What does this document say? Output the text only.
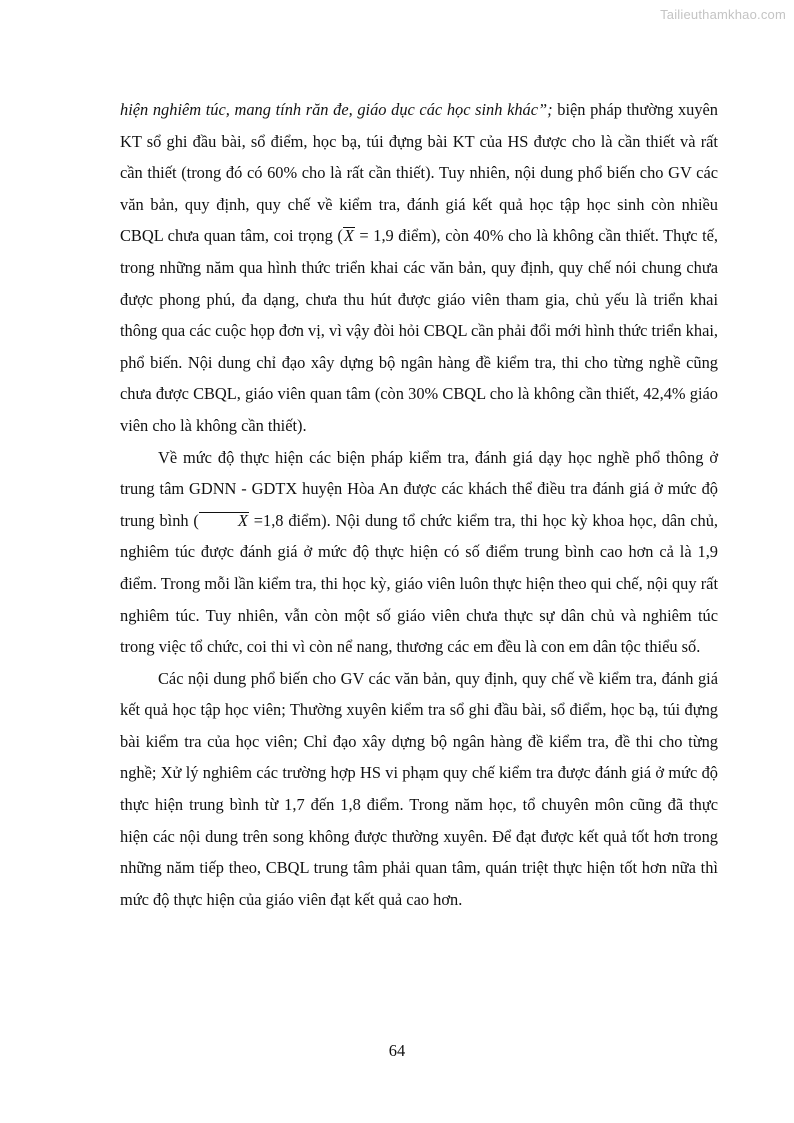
Tailieuthamkhao.com

hiện nghiêm túc, mang tính răn đe, giáo dục các học sinh khác”; biện pháp thường xuyên KT sổ ghi đầu bài, sổ điểm, học bạ, túi đựng bài KT của HS được cho là cần thiết và rất cần thiết (trong đó có 60% cho là rất cần thiết). Tuy nhiên, nội dung phổ biến cho GV các văn bản, quy định, quy chế về kiểm tra, đánh giá kết quả học tập học sinh còn nhiều CBQL chưa quan tâm, coi trọng (X = 1,9 điểm), còn 40% cho là không cần thiết. Thực tế, trong những năm qua hình thức triển khai các văn bản, quy định, quy chế nói chung chưa được phong phú, đa dạng, chưa thu hút được giáo viên tham gia, chủ yếu là triển khai thông qua các cuộc họp đơn vị, vì vậy đòi hỏi CBQL cần phải đổi mới hình thức triển khai, phổ biến. Nội dung chỉ đạo xây dựng bộ ngân hàng đề kiểm tra, thi cho từng nghề cũng chưa được CBQL, giáo viên quan tâm (còn 30% CBQL cho là không cần thiết, 42,4% giáo viên cho là không cần thiết).

Về mức độ thực hiện các biện pháp kiểm tra, đánh giá dạy học nghề phổ thông ở trung tâm GDNN - GDTX huyện Hòa An được các khách thể điều tra đánh giá ở mức độ trung bình ( X =1,8 điểm). Nội dung tổ chức kiểm tra, thi học kỳ khoa học, dân chủ, nghiêm túc được đánh giá ở mức độ thực hiện có số điểm trung bình cao hơn cả là 1,9 điểm. Trong mỗi lần kiểm tra, thi học kỳ, giáo viên luôn thực hiện theo qui chế, nội quy rất nghiêm túc. Tuy nhiên, vẫn còn một số giáo viên chưa thực sự dân chủ và nghiêm túc trong việc tổ chức, coi thi vì còn nể nang, thương các em đều là con em dân tộc thiểu số.

Các nội dung phổ biến cho GV các văn bản, quy định, quy chế về kiểm tra, đánh giá kết quả học tập học viên; Thường xuyên kiểm tra sổ ghi đầu bài, sổ điểm, học bạ, túi đựng bài kiểm tra của học viên; Chỉ đạo xây dựng bộ ngân hàng đề kiểm tra, đề thi cho từng nghề; Xử lý nghiêm các trường hợp HS vi phạm quy chế kiểm tra được đánh giá ở mức độ thực hiện trung bình từ 1,7 đến 1,8 điểm. Trong năm học, tổ chuyên môn cũng đã thực hiện các nội dung trên song không được thường xuyên. Để đạt được kết quả tốt hơn trong những năm tiếp theo, CBQL trung tâm phải quan tâm, quán triệt thực hiện tốt hơn nữa thì mức độ thực hiện của giáo viên đạt kết quả cao hơn.

64
